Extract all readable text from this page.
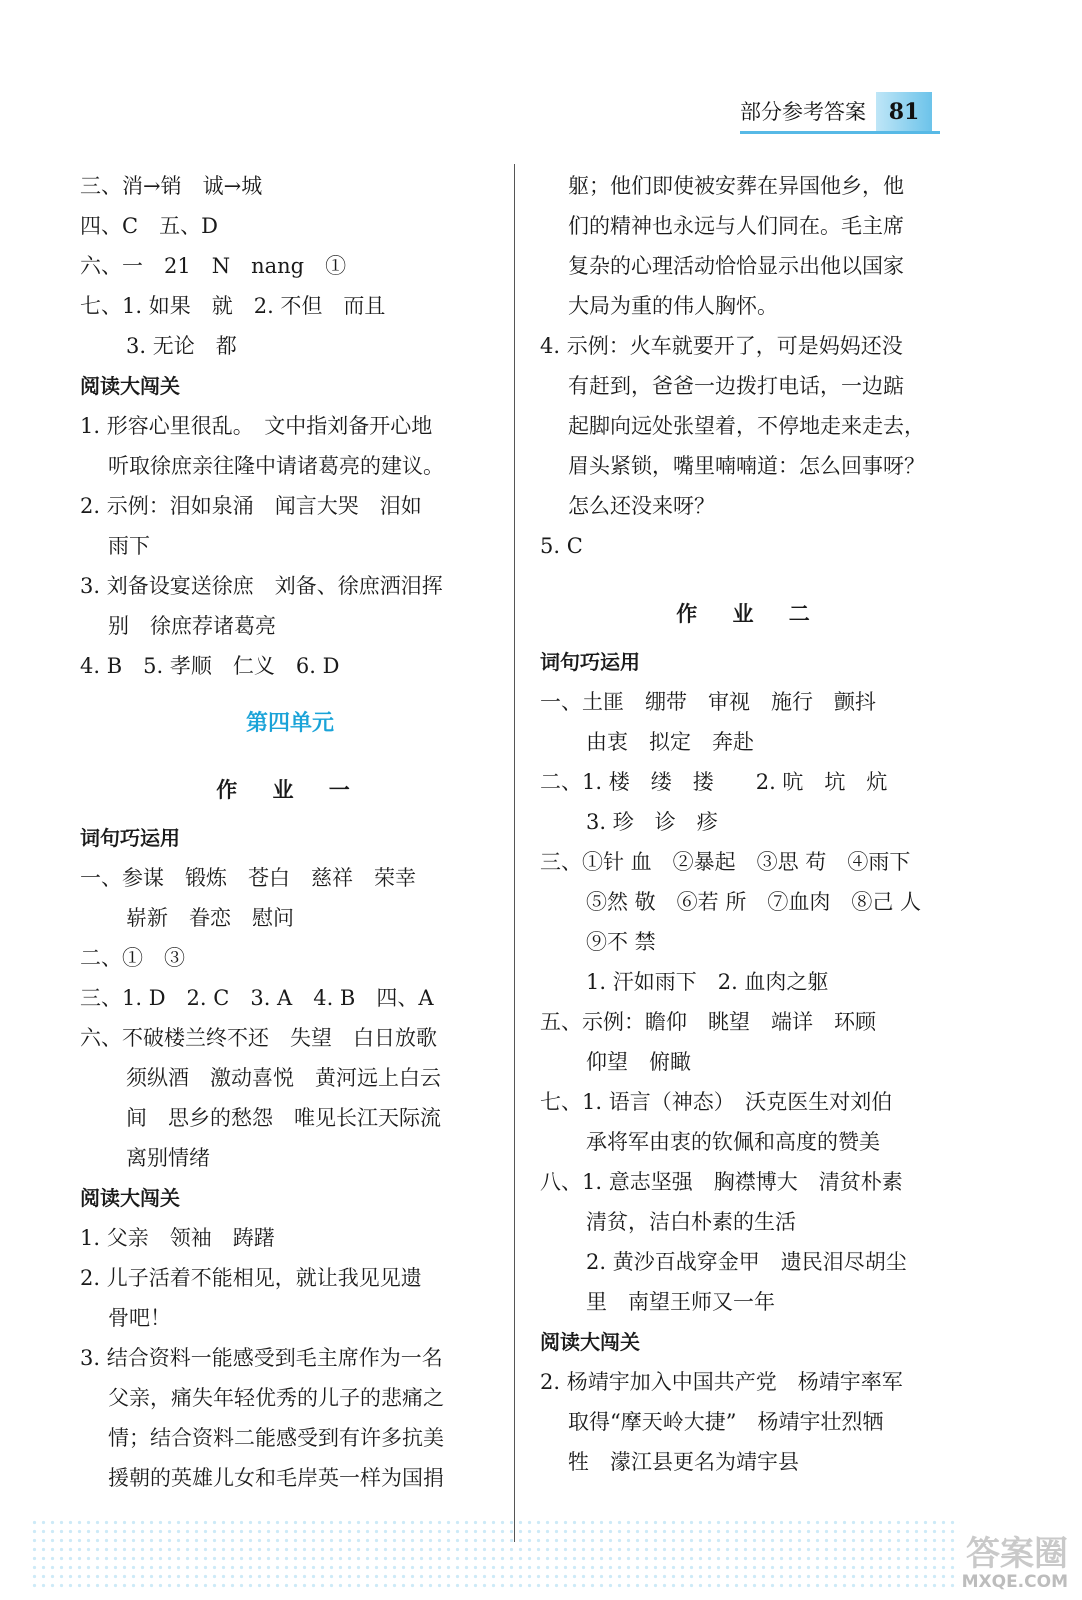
部分参考答案	81
三、消→销　诚→城
四、C　五、D
六、一　21　N　nang　①
七、1. 如果　就　2. 不但　而且
3. 无论　都
阅读大闯关
1. 形容心里很乱。　文中指刘备开心地
听取徐庶亲往隆中请诸葛亮的建议。
2. 示例：泪如泉涌　闻言大哭　泪如
雨下
3. 刘备设宴送徐庶　刘备、徐庶洒泪挥
别　徐庶荐诸葛亮
4. B　5. 孝顺　仁义　6. D
第四单元
作 业 一
词句巧运用
一、参谋　锻炼　苍白　慈祥　荣幸
崭新　眷恋　慰问
二、①　③
三、1. D　2. C　3. A　4. B　四、A
六、不破楼兰终不还　失望　白日放歌
须纵酒　激动喜悦　黄河远上白云
间　思乡的愁怨　唯见长江天际流
离别情绪
阅读大闯关
1. 父亲　领袖　踌躇
2. 儿子活着不能相见，就让我见见遗
骨吧！
3. 结合资料一能感受到毛主席作为一名
父亲，痛失年轻优秀的儿子的悲痛之
情；结合资料二能感受到有许多抗美
援朝的英雄儿女和毛岸英一样为国捐
躯；他们即使被安葬在异国他乡，他
们的精神也永远与人们同在。毛主席
复杂的心理活动恰恰显示出他以国家
大局为重的伟人胸怀。
4. 示例：火车就要开了，可是妈妈还没
有赶到，爸爸一边拨打电话，一边踮
起脚向远处张望着，不停地走来走去，
眉头紧锁，嘴里喃喃道：怎么回事呀？
怎么还没来呀？
5. C
作 业 二
词句巧运用
一、土匪　绷带　审视　施行　颤抖
由衷　拟定　奔赴
二、1. 楼　缕　搂　　2. 吭　坑　炕
3. 珍　诊　疹
三、①针 血　②暴起　③思 苟　④雨下
⑤然 敬　⑥若 所　⑦血肉　⑧己 人
⑨不 禁
1. 汗如雨下　2. 血肉之躯
五、示例：瞻仰　眺望　端详　环顾
仰望　俯瞰
七、1. 语言（神态）　沃克医生对刘伯
承将军由衷的钦佩和高度的赞美
八、1. 意志坚强　胸襟博大　清贫朴素
清贫，洁白朴素的生活
2. 黄沙百战穿金甲　遗民泪尽胡尘
里　南望王师又一年
阅读大闯关
2. 杨靖宇加入中国共产党　杨靖宇率军
取得“摩天岭大捷”　杨靖宇壮烈牺
牲　濛江县更名为靖宇县
答案圈
MXQE.COM
